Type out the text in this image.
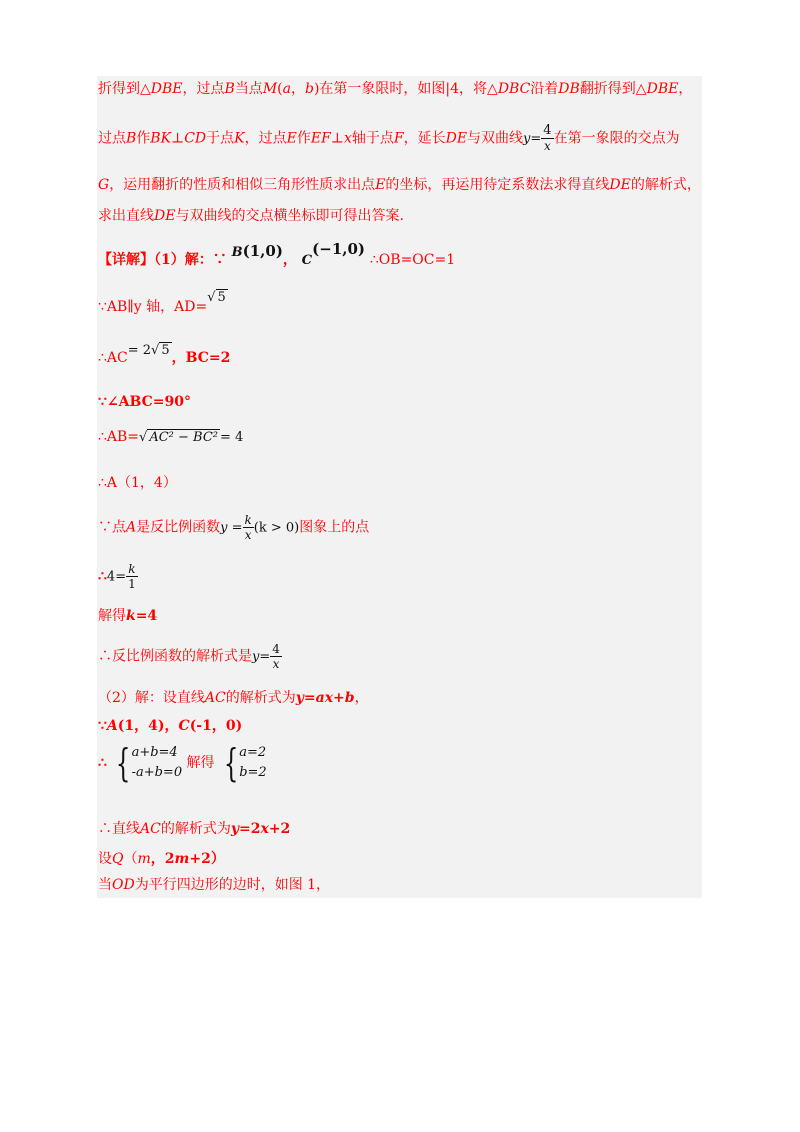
折得到△DBE，过点B当点M(a，b)在第一象限时，如图|4，将△DBC沿着DB翻折得到△DBE，
过点B作BK⊥CD于点K，过点E作EF⊥x轴于点F，延长DE与双曲线$y= \frac{4}{x}$ 在第一象限的交点为
G，运用翻折的性质和相似三角形性质求出点E的坐标，再运用待定系数法求得直线DE的解析式，
求出直线DE与双曲线的交点横坐标即可得出答案.
【详解】（1）解：∵ B(1,0)， C(−1,0) ∴OB=OC=1
∵AB∥y 轴，AD=√ 5
∴AC= 2√ 5 ，BC=2
∵∠ABC=90°
∴AB=√ AC² − BC² = 4
∴A（1，4）
∵点A是反比例函数$y = \frac{k}{x} (k > 0)$图象上的点
∴4= $\frac{k}{1}$
解得k=4
∴反比例函数的解析式是$y= \frac{4}{x}$
（2）解：设直线AC的解析式为y=ax+b，
∵A(1，4)，C(-1，0)
∴ { a+b=4
-a+b=0
解得 { a=2
b=2
∴直线AC的解析式为y=2x+2
设Q（m，2m+2）
当OD为平行四边形的边时，如图 1，
